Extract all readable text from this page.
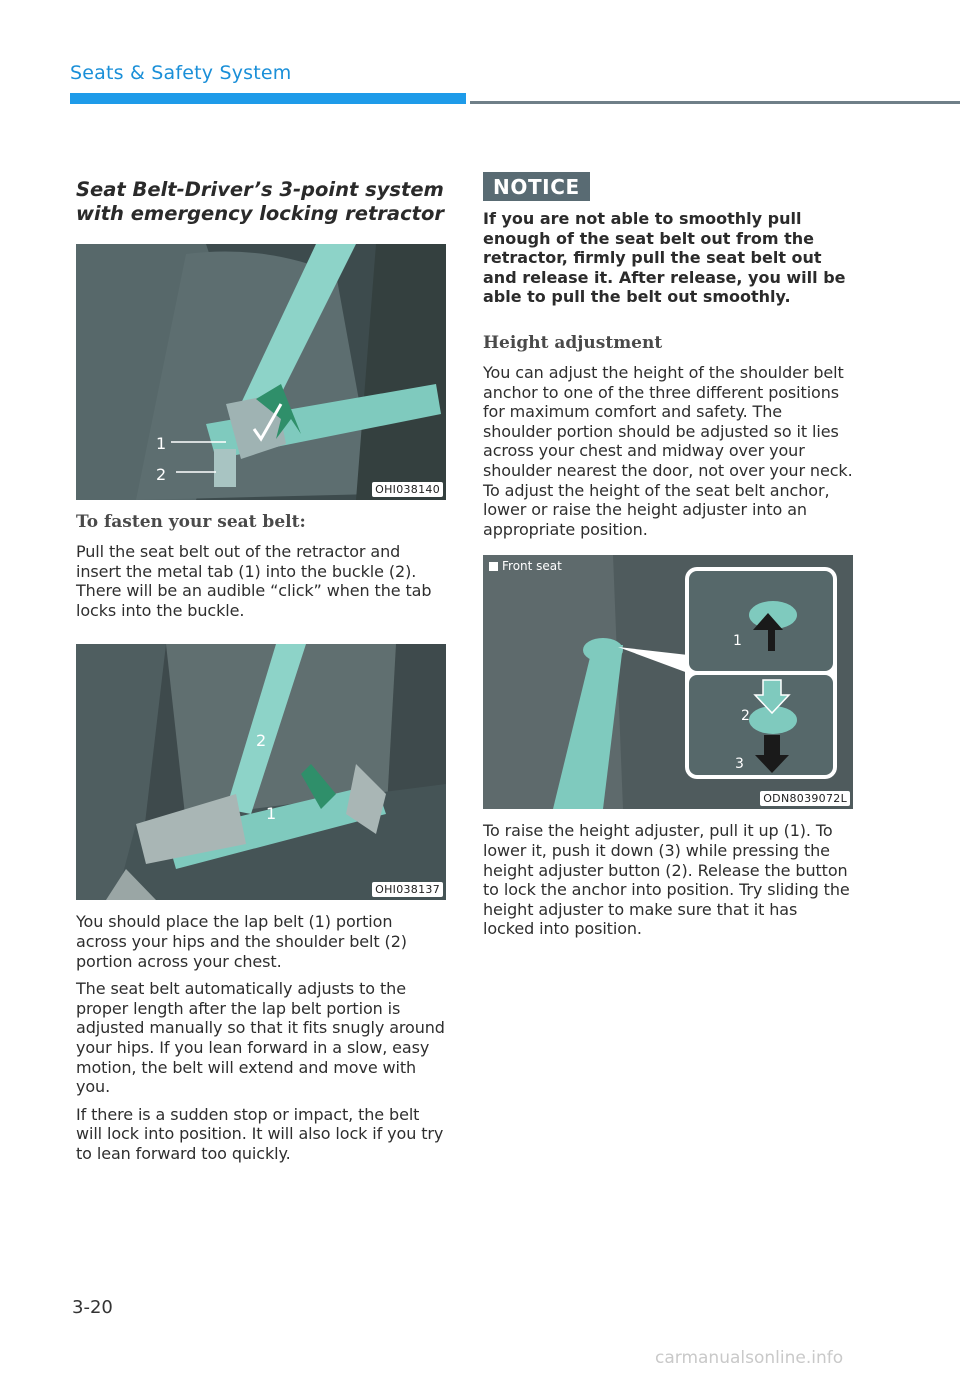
Seats & Safety System
Seat Belt-Driver’s 3-point system
with emergency locking retractor
1
2
OHI038140
To fasten your seat belt:

Pull the seat belt out of the retractor and insert the metal tab (1) into the buckle (2). There will be an audible “click” when the tab locks into the buckle.

2
1
OHI038137

You should place the lap belt (1) portion across your hips and the shoulder belt (2) portion across your chest.

The seat belt automatically adjusts to the proper length after the lap belt portion is adjusted manually so that it fits snugly around your hips. If you lean forward in a slow, easy motion, the belt will extend and move with you.

If there is a sudden stop or impact, the belt will lock into position. It will also lock if you try to lean forward too quickly.

NOTICE

If you are not able to smoothly pull enough of the seat belt out from the retractor, firmly pull the seat belt out and release it. After release, you will be able to pull the belt out smoothly.

Height adjustment

You can adjust the height of the shoulder belt anchor to one of the three different positions for maximum comfort and safety. The shoulder portion should be adjusted so it lies across your chest and midway over your shoulder nearest the door, not over your neck. To adjust the height of the seat belt anchor, lower or raise the height adjuster into an appropriate position.

1
2
3
Front seat
ODN8039072L

To raise the height adjuster, pull it up (1). To lower it, push it down (3) while pressing the height adjuster button (2). Release the button to lock the anchor into position. Try sliding the height adjuster to make sure that it has locked into position.

3-20
carmanualsonline.info
